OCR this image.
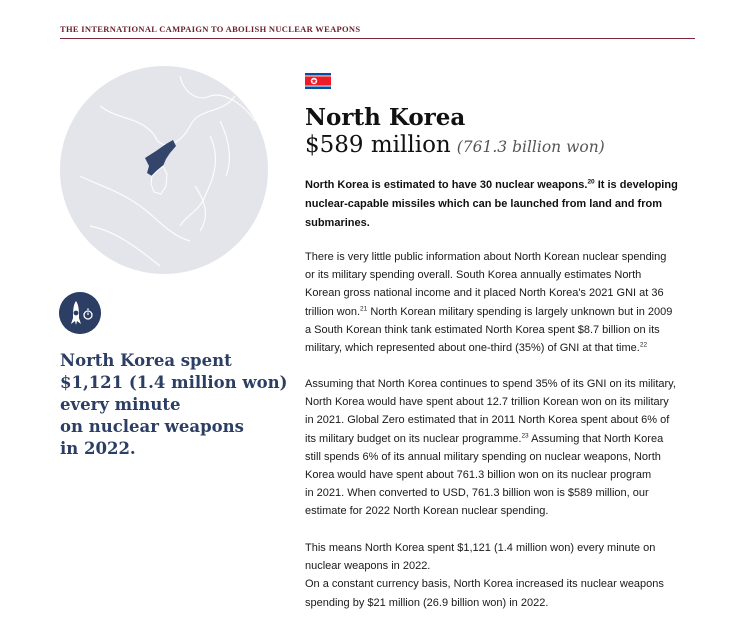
THE INTERNATIONAL CAMPAIGN TO ABOLISH NUCLEAR WEAPONS
North Korea spent
$1,121 (1.4 million won)
every minute
on nuclear weapons
in 2022.
North Korea
$589 million (761.3 billion won)
North Korea is estimated to have 30 nuclear weapons.$^{20}$ It is developing
nuclear-capable missiles which can be launched from land and from
submarines.
There is very little public information about North Korean nuclear spending
or its military spending overall. South Korea annually estimates North
Korean gross national income and it placed North Korea's 2021 GNI at 36
trillion won.$^{21}$ North Korean military spending is largely unknown but in 2009
a South Korean think tank estimated North Korea spent $8.7 billion on its
military, which represented about one-third (35%) of GNI at that time.$^{22}$
Assuming that North Korea continues to spend 35% of its GNI on its military,
North Korea would have spent about 12.7 trillion Korean won on its military
in 2021. Global Zero estimated that in 2011 North Korea spent about 6% of
its military budget on its nuclear programme.$^{23}$ Assuming that North Korea
still spends 6% of its annual military spending on nuclear weapons, North
Korea would have spent about 761.3 billion won on its nuclear program
in 2021. When converted to USD, 761.3 billion won is $589 million, our
estimate for 2022 North Korean nuclear spending.
This means North Korea spent $1,121 (1.4 million won) every minute on
nuclear weapons in 2022.
On a constant currency basis, North Korea increased its nuclear weapons
spending by $21 million (26.9 billion won) in 2022.
